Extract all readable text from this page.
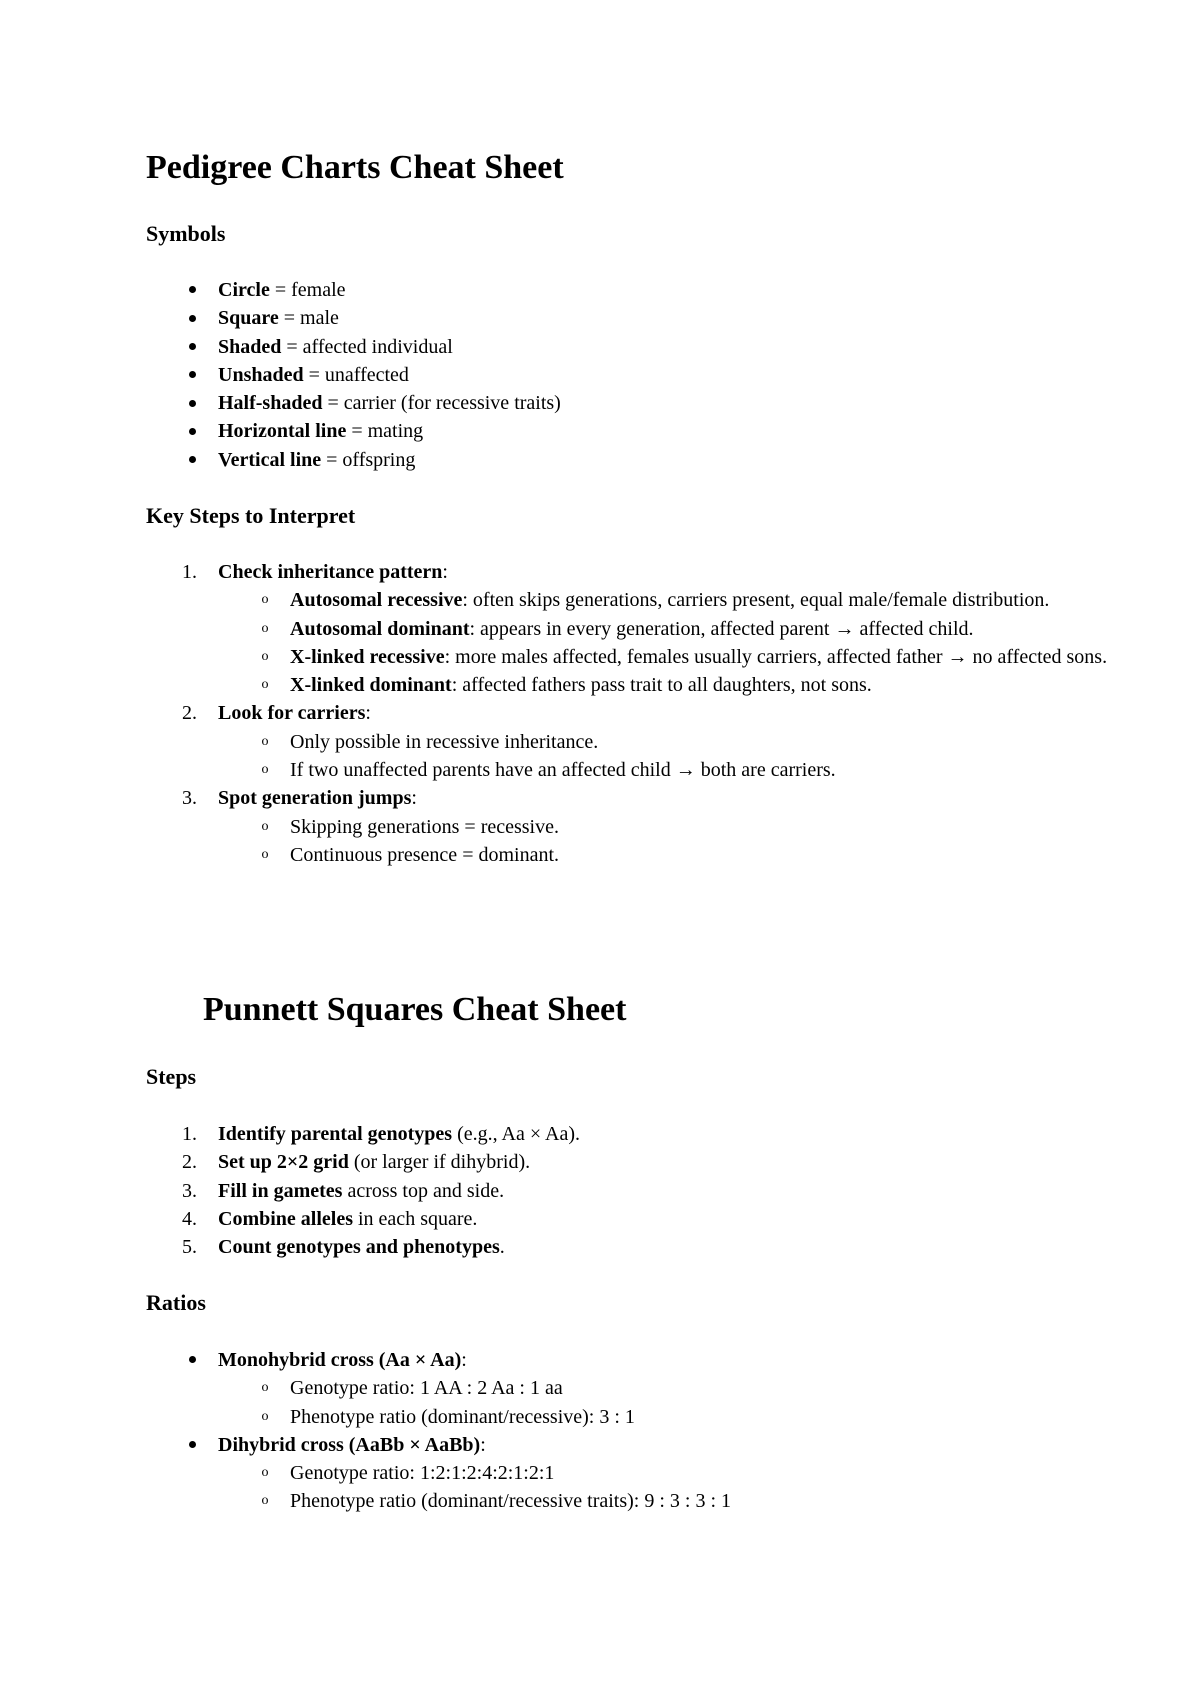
Pedigree Charts Cheat Sheet
Symbols
Circle = female
Square = male
Shaded = affected individual
Unshaded = unaffected
Half-shaded = carrier (for recessive traits)
Horizontal line = mating
Vertical line = offspring
Key Steps to Interpret
1.	Check inheritance pattern:
o Autosomal recessive: often skips generations, carriers present, equal male/female distribution.
o Autosomal dominant: appears in every generation, affected parent → affected child.
o X-linked recessive: more males affected, females usually carriers, affected father → no affected sons.
o X-linked dominant: affected fathers pass trait to all daughters, not sons.
2.	Look for carriers:
o Only possible in recessive inheritance.
o If two unaffected parents have an affected child → both are carriers.
3.	Spot generation jumps:
o Skipping generations = recessive.
o Continuous presence = dominant.
Punnett Squares Cheat Sheet
Steps
1.	Identify parental genotypes (e.g., Aa × Aa).
2.	Set up 2×2 grid (or larger if dihybrid).
3.	Fill in gametes across top and side.
4.	Combine alleles in each square.
5.	Count genotypes and phenotypes.
Ratios
Monohybrid cross (Aa × Aa):
o Genotype ratio: 1 AA : 2 Aa : 1 aa
o Phenotype ratio (dominant/recessive): 3 : 1
Dihybrid cross (AaBb × AaBb):
o Genotype ratio: 1:2:1:2:4:2:1:2:1
o Phenotype ratio (dominant/recessive traits): 9 : 3 : 3 : 1
